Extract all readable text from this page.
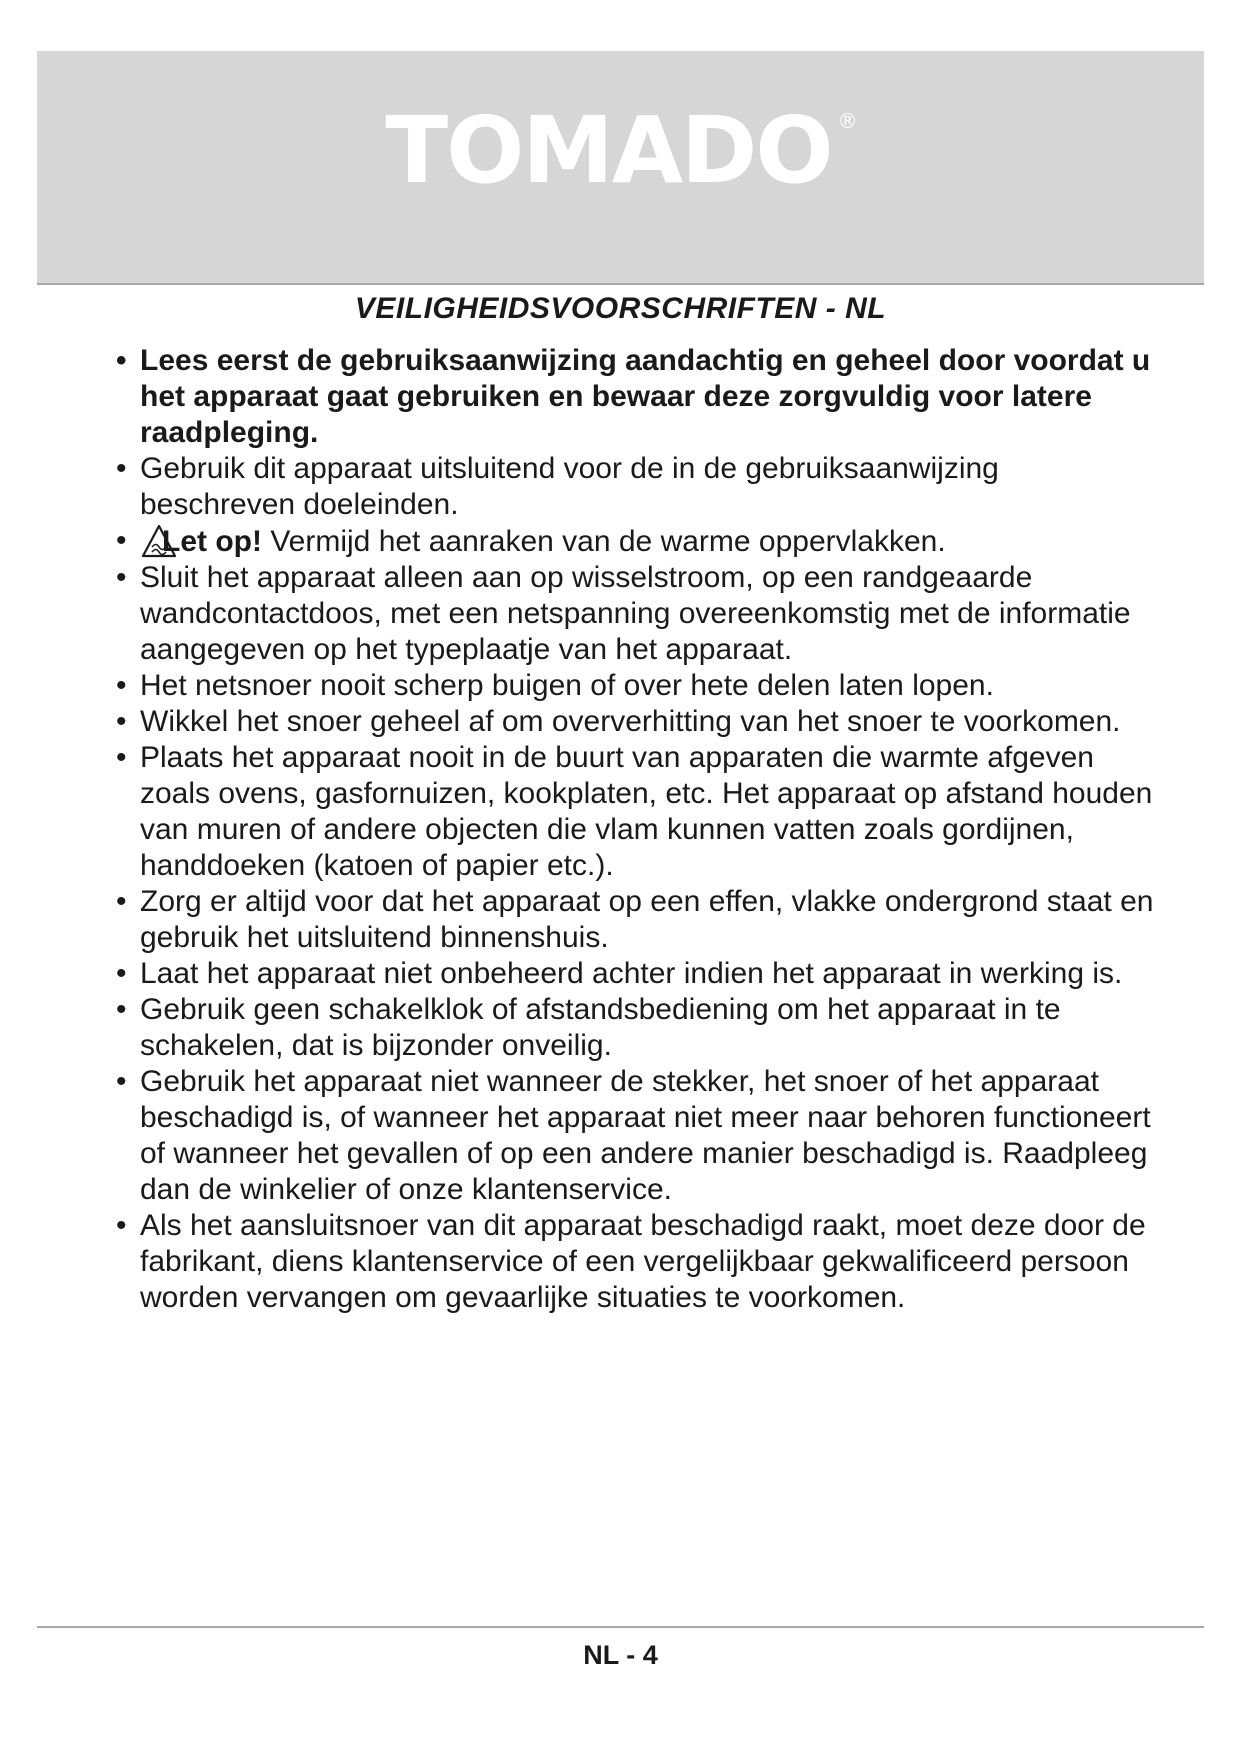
TOMADO ®
VEILIGHEIDSVOORSCHRIFTEN - NL
• Lees eerst de gebruiksaanwijzing aandachtig en geheel door voordat u het apparaat gaat gebruiken en bewaar deze zorgvuldig voor latere raadpleging.
• Gebruik dit apparaat uitsluitend voor de in de gebruiksaanwijzing beschreven doeleinden.
• Let op! Vermijd het aanraken van de warme oppervlakken.
• Sluit het apparaat alleen aan op wisselstroom, op een randgeaarde wandcontactdoos, met een netspanning overeenkomstig met de informatie aangegeven op het typeplaatje van het apparaat.
• Het netsnoer nooit scherp buigen of over hete delen laten lopen.
• Wikkel het snoer geheel af om oververhitting van het snoer te voorkomen.
• Plaats het apparaat nooit in de buurt van apparaten die warmte afgeven zoals ovens, gasfornuizen, kookplaten, etc. Het apparaat op afstand houden van muren of andere objecten die vlam kunnen vatten zoals gordijnen, handdoeken (katoen of papier etc.).
• Zorg er altijd voor dat het apparaat op een effen, vlakke ondergrond staat en gebruik het uitsluitend binnenshuis.
• Laat het apparaat niet onbeheerd achter indien het apparaat in werking is.
• Gebruik geen schakelklok of afstandsbediening om het apparaat in te schakelen, dat is bijzonder onveilig.
• Gebruik het apparaat niet wanneer de stekker, het snoer of het apparaat beschadigd is, of wanneer het apparaat niet meer naar behoren functioneert of wanneer het gevallen of op een andere manier beschadigd is. Raadpleeg dan de winkelier of onze klantenservice.
• Als het aansluitsnoer van dit apparaat beschadigd raakt, moet deze door de fabrikant, diens klantenservice of een vergelijkbaar gekwalificeerd persoon worden vervangen om gevaarlijke situaties te voorkomen.
NL - 4
